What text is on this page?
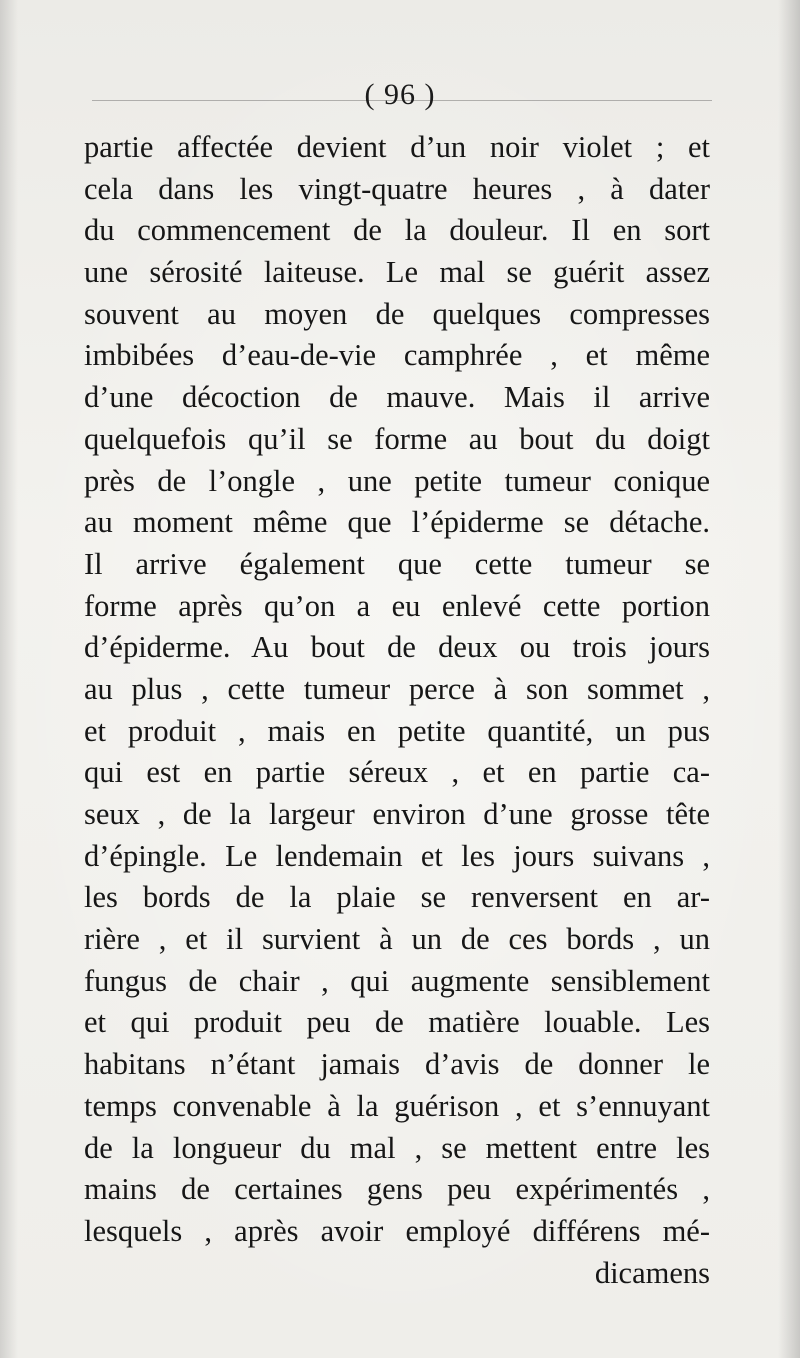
( 96 )
partie affectée devient d’un noir violet ; et
cela dans les vingt-quatre heures , à dater
du commencement de la douleur. Il en sort
une sérosité laiteuse. Le mal se guérit assez
souvent au moyen de quelques compresses
imbibées d’eau-de-vie camphrée , et même
d’une décoction de mauve. Mais il arrive
quelquefois qu’il se forme au bout du doigt
près de l’ongle , une petite tumeur conique
au moment même que l’épiderme se détache.
Il arrive également que cette tumeur se
forme après qu’on a eu enlevé cette portion
d’épiderme. Au bout de deux ou trois jours
au plus , cette tumeur perce à son sommet ,
et produit , mais en petite quantité, un pus
qui est en partie séreux , et en partie ca-
seux , de la largeur environ d’une grosse tête
d’épingle. Le lendemain et les jours suivans ,
les bords de la plaie se renversent en ar-
rière , et il survient à un de ces bords , un
fungus de chair , qui augmente sensiblement
et qui produit peu de matière louable. Les
habitans n’étant jamais d’avis de donner le
temps convenable à la guérison , et s’ennuyant
de la longueur du mal , se mettent entre les
mains de certaines gens peu expérimentés ,
lesquels , après avoir employé différens mé-
dicamens
